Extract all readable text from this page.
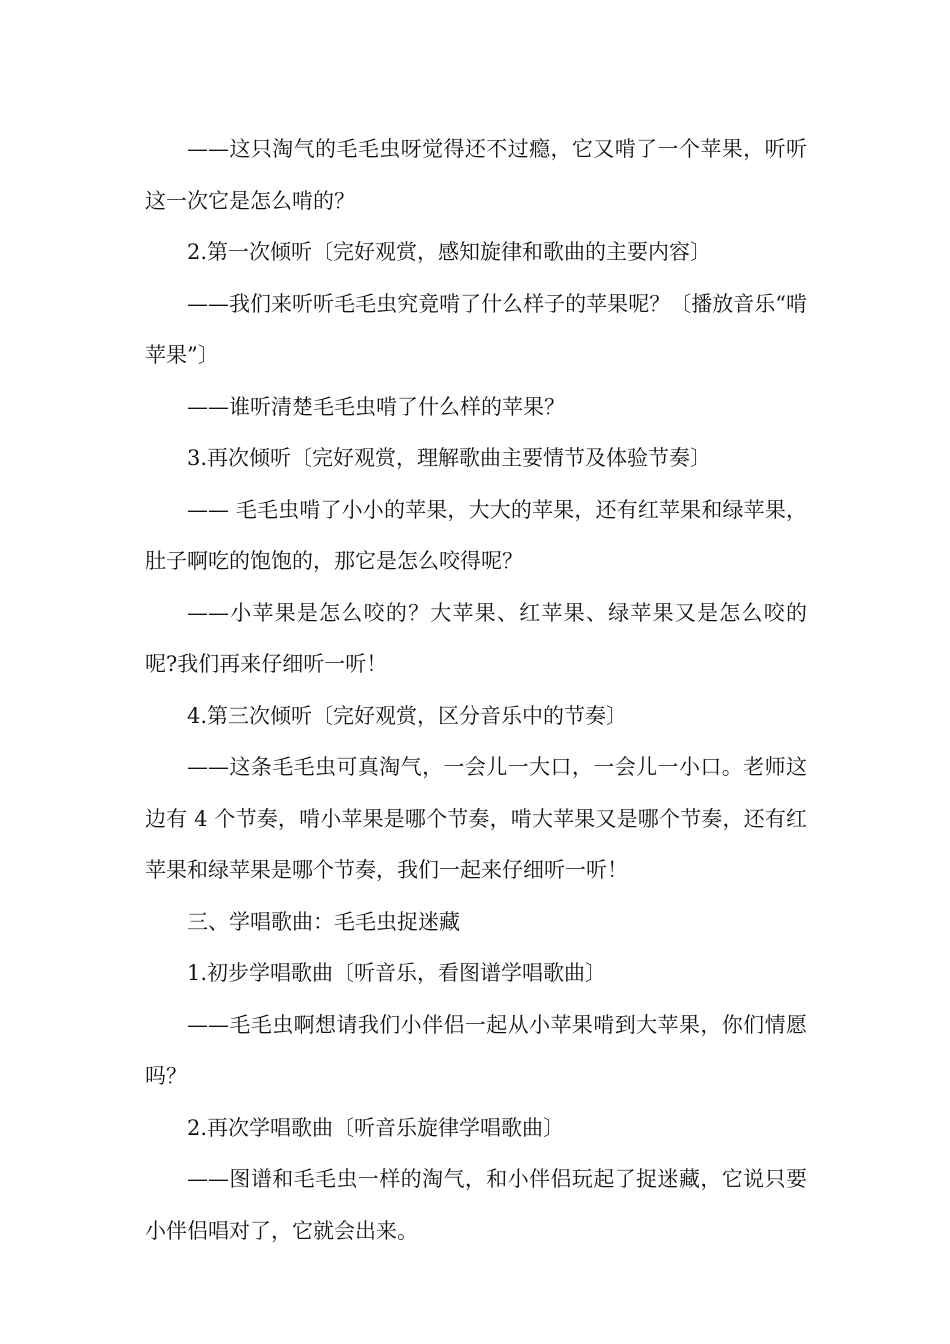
——这只淘气的毛毛虫呀觉得还不过瘾，它又啃了一个苹果，听听这一次它是怎么啃的？

2.第一次倾听〔完好观赏，感知旋律和歌曲的主要内容〕

——我们来听听毛毛虫究竟啃了什么样子的苹果呢？〔播放音乐“啃苹果”〕

——谁听清楚毛毛虫啃了什么样的苹果？

3.再次倾听〔完好观赏，理解歌曲主要情节及体验节奏〕

—— 毛毛虫啃了小小的苹果，大大的苹果，还有红苹果和绿苹果，肚子啊吃的饱饱的，那它是怎么咬得呢？

——小苹果是怎么咬的？大苹果、红苹果、绿苹果又是怎么咬的呢?我们再来仔细听一听！

4.第三次倾听〔完好观赏，区分音乐中的节奏〕

——这条毛毛虫可真淘气，一会儿一大口，一会儿一小口。老师这边有 4 个节奏，啃小苹果是哪个节奏，啃大苹果又是哪个节奏，还有红苹果和绿苹果是哪个节奏，我们一起来仔细听一听！

三、学唱歌曲：毛毛虫捉迷藏

1.初步学唱歌曲〔听音乐，看图谱学唱歌曲〕

——毛毛虫啊想请我们小伴侣一起从小苹果啃到大苹果，你们情愿吗？

2.再次学唱歌曲〔听音乐旋律学唱歌曲〕

——图谱和毛毛虫一样的淘气，和小伴侣玩起了捉迷藏，它说只要小伴侣唱对了，它就会出来。
